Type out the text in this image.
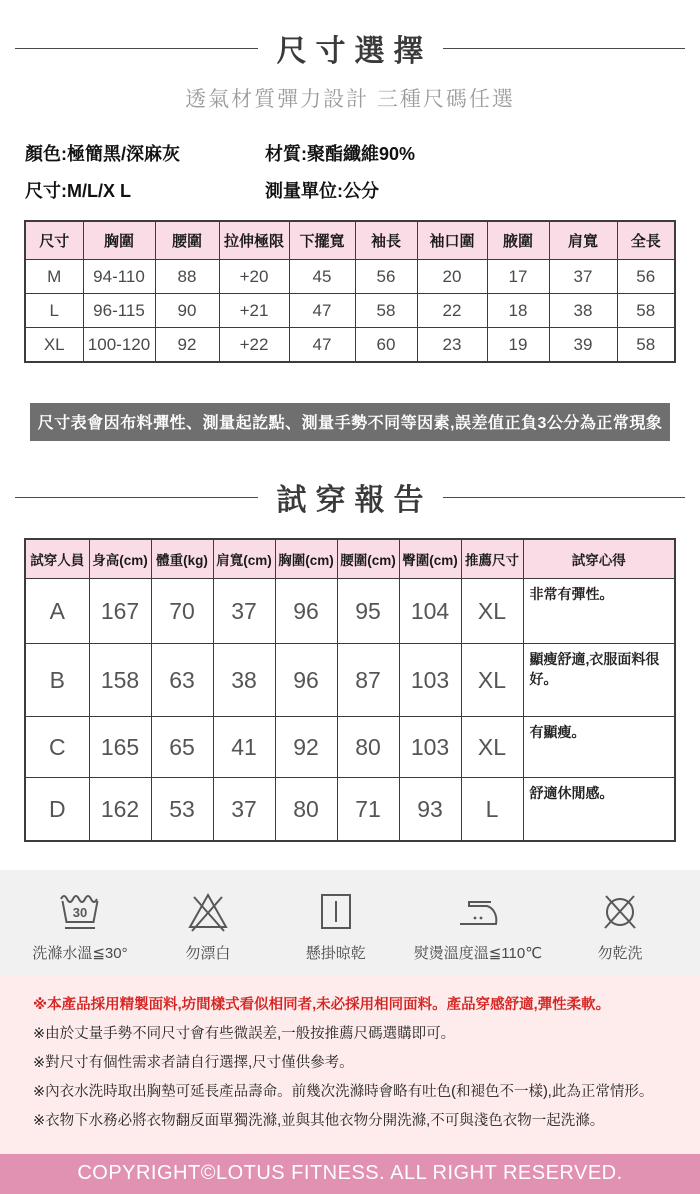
尺寸選擇
透氣材質彈力設計 三種尺碼任選
顏色:極簡黑/深麻灰	材質:聚酯纖維90%
尺寸:M/L/X L	測量單位:公分
尺寸	胸圍	腰圍	拉伸極限	下擺寬	袖長	袖口圍	腋圍	肩寬	全長
M	94-110	88	+20	45	56	20	17	37	56
L	96-115	90	+21	47	58	22	18	38	58
XL	100-120	92	+22	47	60	23	19	39	58
尺寸表會因布料彈性、測量起訖點、測量手勢不同等因素,誤差值正負3公分為正常現象
試穿報告
試穿人員	身高(cm)	體重(kg)	肩寬(cm)	胸圍(cm)	腰圍(cm)	臀圍(cm)	推薦尺寸	試穿心得
A	167	70	37	96	95	104	XL	非常有彈性。
B	158	63	38	96	87	103	XL	顯瘦舒適,衣服面料很好。
C	165	65	41	92	80	103	XL	有顯瘦。
D	162	53	37	80	71	93	L	舒適休閒感。
30
洗滌水溫≦30°	勿漂白	懸掛晾乾	熨燙溫度溫≦110℃	勿乾洗
※本產品採用精製面料,坊間樣式看似相同者,未必採用相同面料。產品穿感舒適,彈性柔軟。
※由於丈量手勢不同尺寸會有些微誤差,一般按推薦尺碼選購即可。
※對尺寸有個性需求者請自行選擇,尺寸僅供參考。
※內衣水洗時取出胸墊可延長產品壽命。前幾次洗滌時會略有吐色(和褪色不一樣),此為正常情形。
※衣物下水務必將衣物翻反面單獨洗滌,並與其他衣物分開洗滌,不可與淺色衣物一起洗滌。
COPYRIGHT©LOTUS FITNESS. ALL RIGHT RESERVED.
